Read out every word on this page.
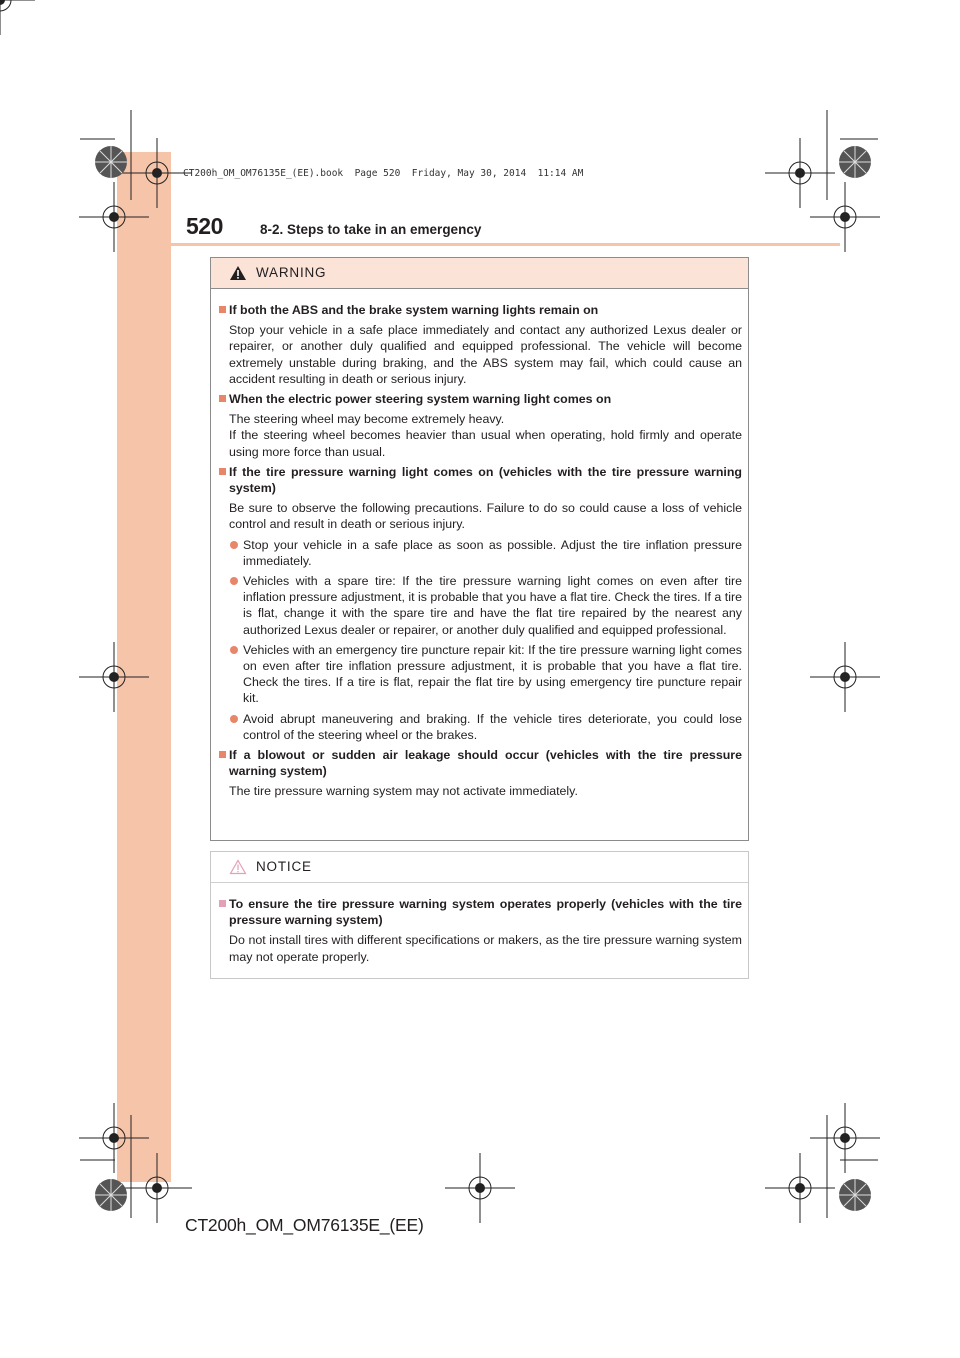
CT200h_OM_OM76135E_(EE).book  Page 520  Friday, May 30, 2014  11:14 AM
520	8-2. Steps to take in an emergency
WARNING
If both the ABS and the brake system warning lights remain on
Stop your vehicle in a safe place immediately and contact any authorized Lexus dealer or repairer, or another duly qualified and equipped professional. The vehicle will become extremely unstable during braking, and the ABS system may fail, which could cause an accident resulting in death or serious injury.
When the electric power steering system warning light comes on
The steering wheel may become extremely heavy.
If the steering wheel becomes heavier than usual when operating, hold firmly and operate using more force than usual.
If the tire pressure warning light comes on (vehicles with the tire pressure warning system)
Be sure to observe the following precautions. Failure to do so could cause a loss of vehicle control and result in death or serious injury.
Stop your vehicle in a safe place as soon as possible. Adjust the tire inflation pressure immediately.
Vehicles with a spare tire: If the tire pressure warning light comes on even after tire inflation pressure adjustment, it is probable that you have a flat tire. Check the tires. If a tire is flat, change it with the spare tire and have the flat tire repaired by the nearest any authorized Lexus dealer or repairer, or another duly qualified and equipped professional.
Vehicles with an emergency tire puncture repair kit: If the tire pressure warning light comes on even after tire inflation pressure adjustment, it is probable that you have a flat tire. Check the tires. If a tire is flat, repair the flat tire by using emergency tire puncture repair kit.
Avoid abrupt maneuvering and braking. If the vehicle tires deteriorate, you could lose control of the steering wheel or the brakes.
If a blowout or sudden air leakage should occur (vehicles with the tire pressure warning system)
The tire pressure warning system may not activate immediately.
NOTICE
To ensure the tire pressure warning system operates properly (vehicles with the tire pressure warning system)
Do not install tires with different specifications or makers, as the tire pressure warning system may not operate properly.
CT200h_OM_OM76135E_(EE)
